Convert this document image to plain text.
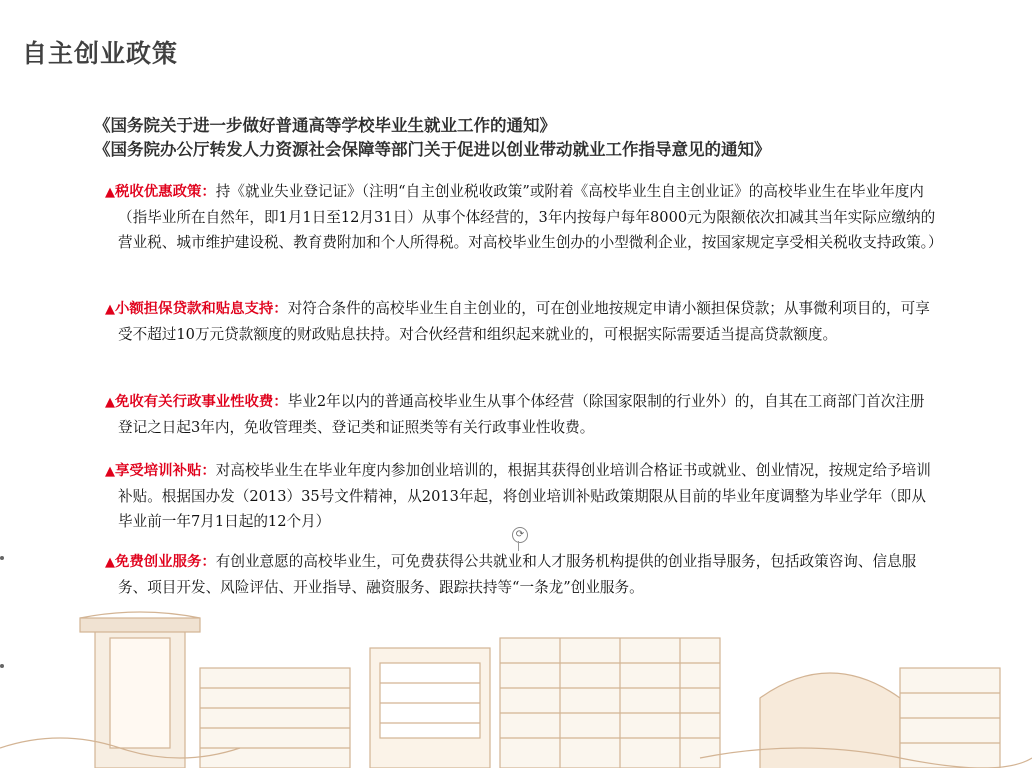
自主创业政策
《国务院关于进一步做好普通高等学校毕业生就业工作的通知》
《国务院办公厅转发人力资源社会保障等部门关于促进以创业带动就业工作指导意见的通知》
▲税收优惠政策：持《就业失业登记证》（注明“自主创业税收政策”或附着《高校毕业生自主创业证》的高校毕业生在毕业年度内（指毕业所在自然年，即1月1日至12月31日）从事个体经营的，3年内按每户每年8000元为限额依次扣减其当年实际应缴纳的营业税、城市维护建设税、教育费附加和个人所得税。对高校毕业生创办的小型微利企业，按国家规定享受相关税收支持政策。）
▲小额担保贷款和贴息支持：对符合条件的高校毕业生自主创业的，可在创业地按规定申请小额担保贷款；从事微利项目的，可享受不超过10万元贷款额度的财政贴息扶持。对合伙经营和组织起来就业的，可根据实际需要适当提高贷款额度。
▲免收有关行政事业性收费：毕业2年以内的普通高校毕业生从事个体经营（除国家限制的行业外）的，自其在工商部门首次注册登记之日起3年内，免收管理类、登记类和证照类等有关行政事业性收费。
▲享受培训补贴：对高校毕业生在毕业年度内参加创业培训的，根据其获得创业培训合格证书或就业、创业情况，按规定给予培训补贴。根据国办发（2013）35号文件精神，从2013年起，将创业培训补贴政策期限从目前的毕业年度调整为毕业学年（即从毕业前一年7月1日起的12个月）
▲免费创业服务：有创业意愿的高校毕业生，可免费获得公共就业和人才服务机构提供的创业指导服务，包括政策咨询、信息服务、项目开发、风险评估、开业指导、融资服务、跟踪扶持等“一条龙”创业服务。
⟳
